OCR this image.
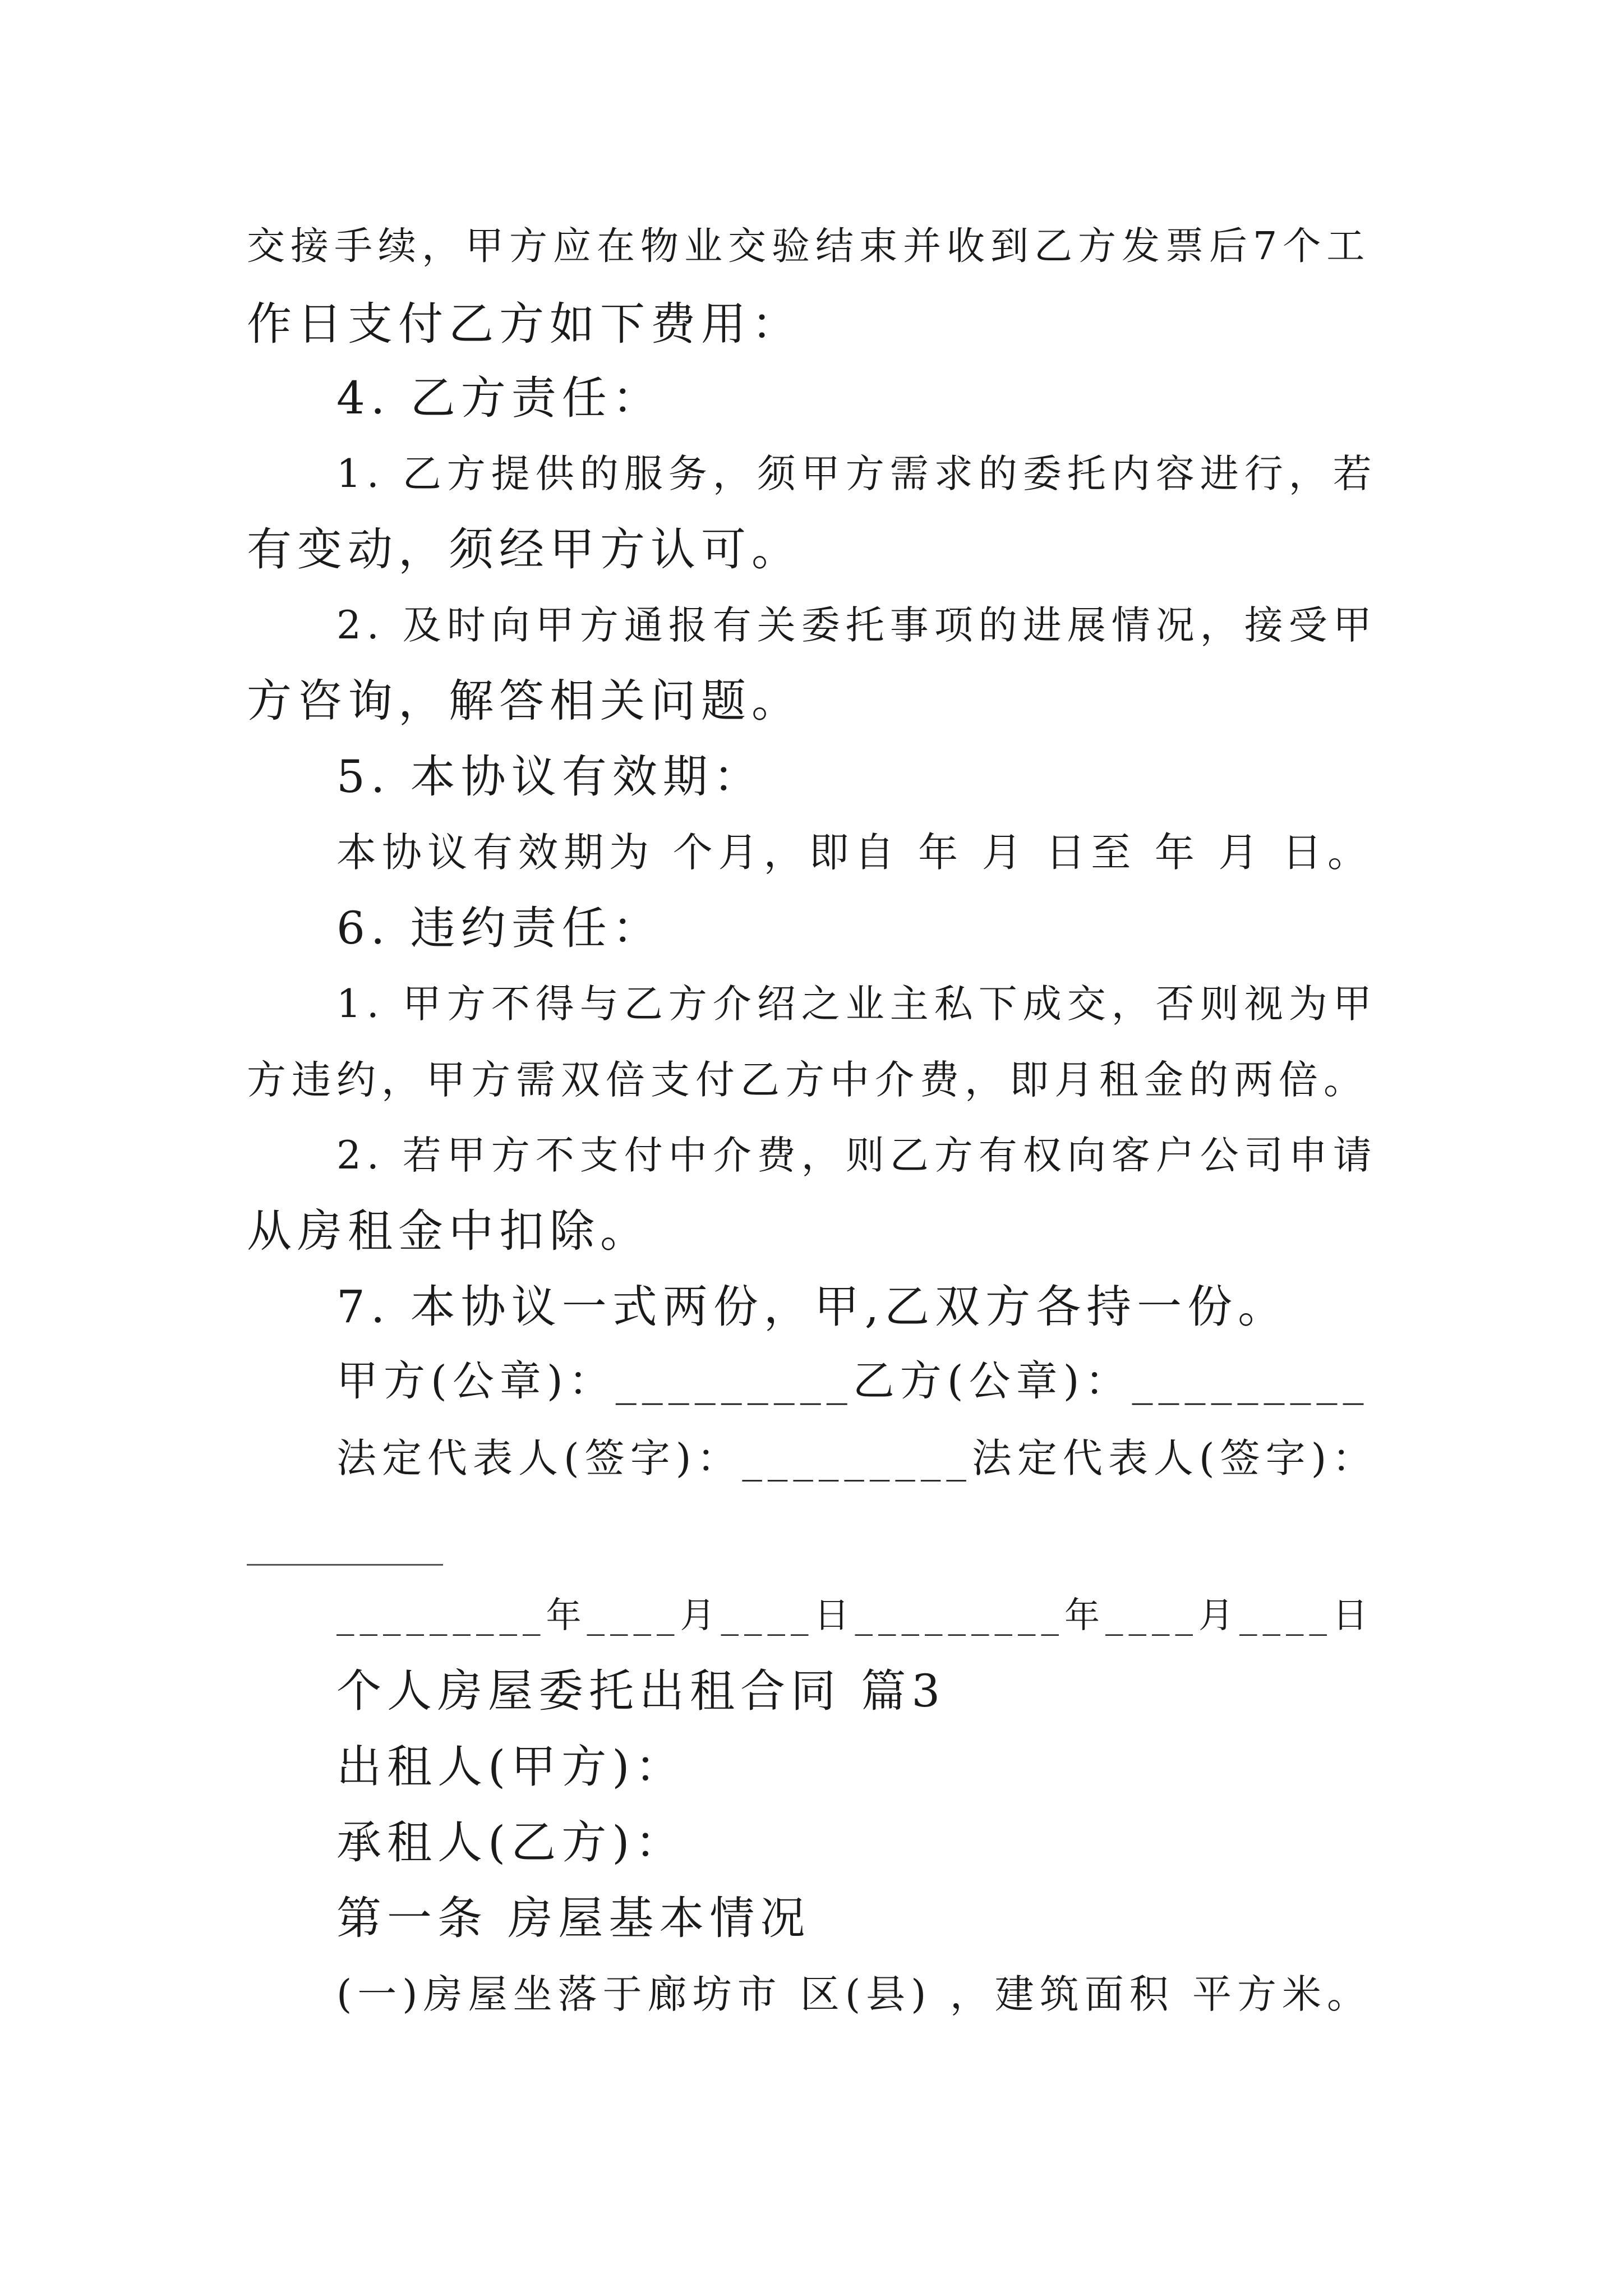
交接手续，甲方应在物业交验结束并收到乙方发票后7个工
作日支付乙方如下费用：
4. 乙方责任：
1. 乙方提供的服务，须甲方需求的委托内容进行，若
有变动，须经甲方认可。
2. 及时向甲方通报有关委托事项的进展情况，接受甲
方咨询，解答相关问题。
5. 本协议有效期：
本协议有效期为 个月，即自 年 月 日至 年 月 日。
6. 违约责任：
1. 甲方不得与乙方介绍之业主私下成交，否则视为甲
方违约，甲方需双倍支付乙方中介费，即月租金的两倍。
2. 若甲方不支付中介费，则乙方有权向客户公司申请
从房租金中扣除。
7. 本协议一式两份，甲,乙双方各持一份。
甲方(公章)：_________乙方(公章)：_________
法定代表人(签字)：_________法定代表人(签字)：
_________年____月____日_________年____月____日
个人房屋委托出租合同 篇3
出租人(甲方)：
承租人(乙方)：
第一条 房屋基本情况
(一)房屋坐落于廊坊市 区(县) ，建筑面积 平方米。
